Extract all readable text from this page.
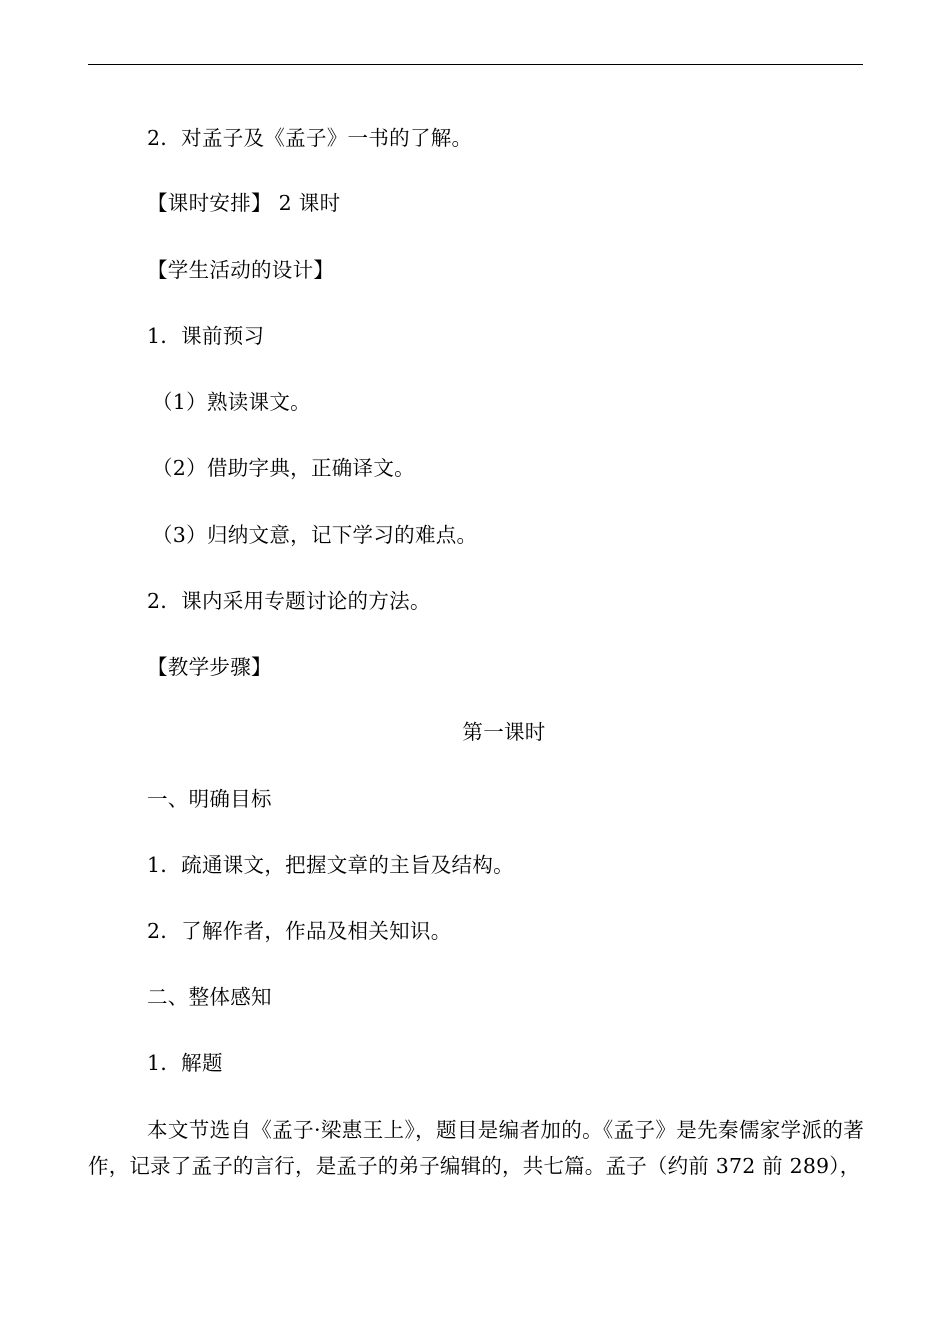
2．对孟子及《孟子》一书的了解。
【课时安排】 2 课时
【学生活动的设计】
1．课前预习
（1）熟读课文。
（2）借助字典，正确译文。
（3）归纳文意，记下学习的难点。
2．课内采用专题讨论的方法。
【教学步骤】
第一课时
一、明确目标
1．疏通课文，把握文章的主旨及结构。
2．了解作者，作品及相关知识。
二、整体感知
1．解题
本文节选自《孟子·梁惠王上》，题目是编者加的。《孟子》是先秦儒家学派的著作，记录了孟子的言行，是孟子的弟子编辑的，共七篇。孟子（约前 372 前 289），
